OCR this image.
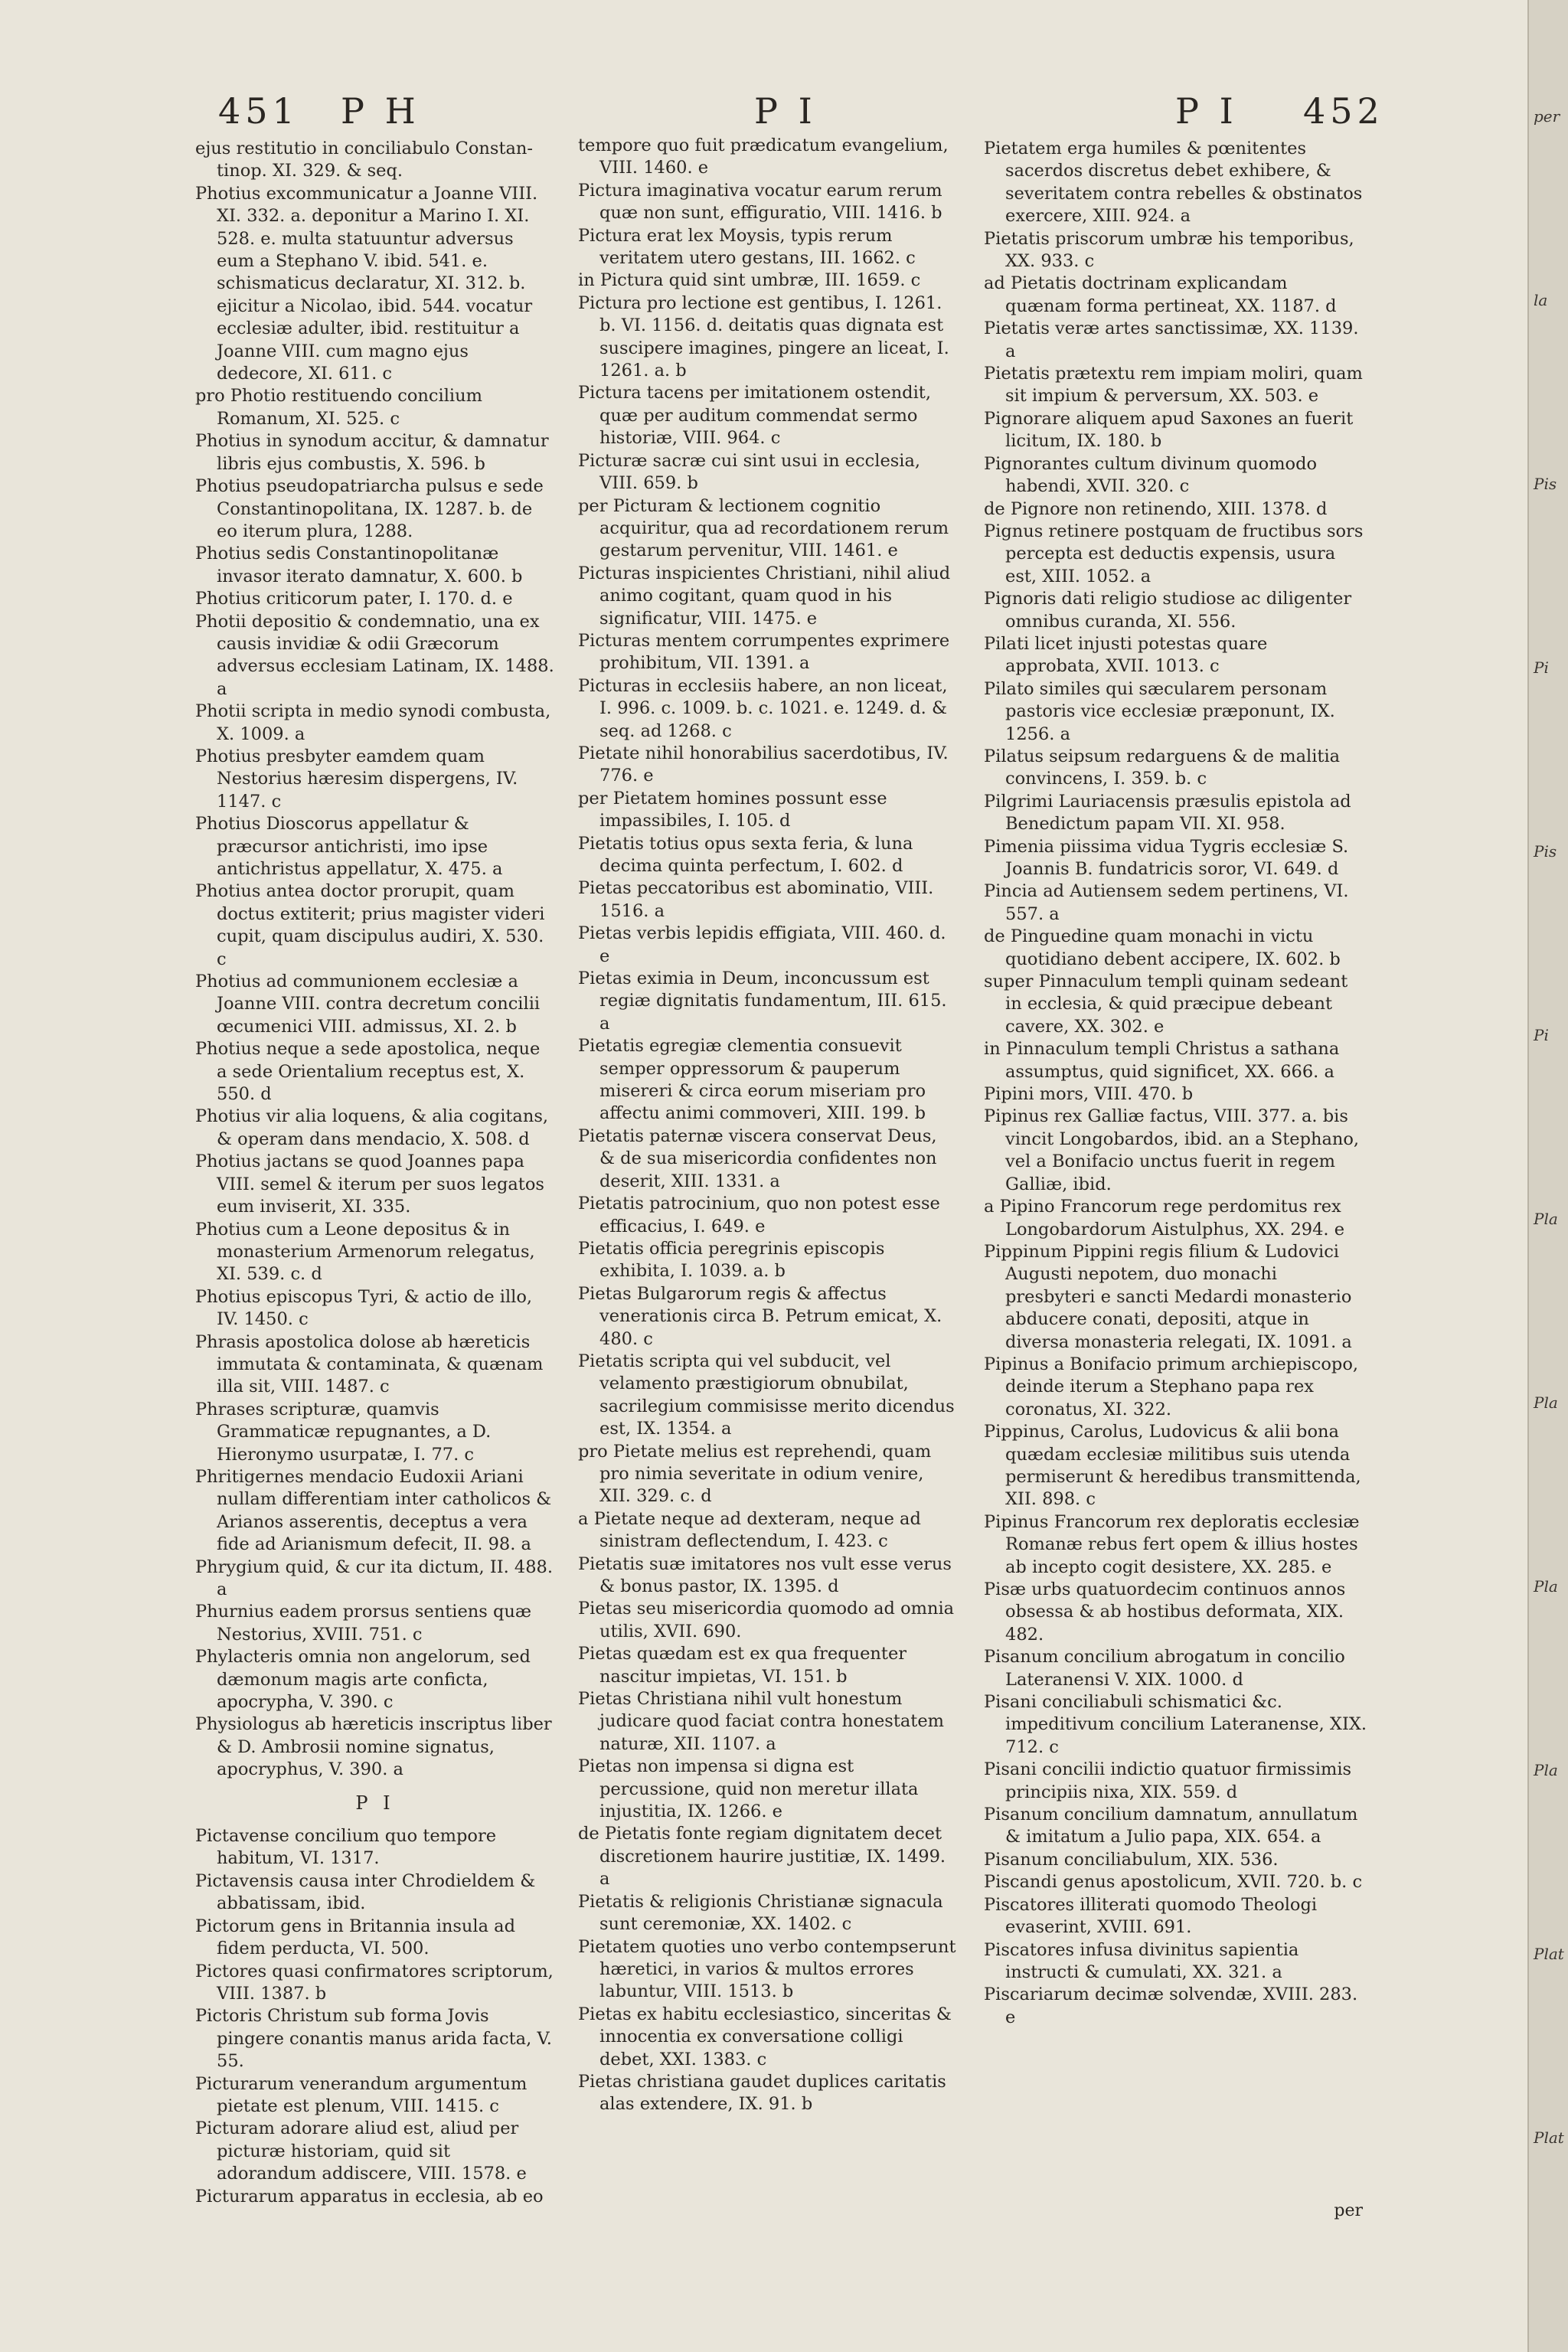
451 P H	P I	P I 452

ejus restitutio in conciliabulo Constan-tinop. XI. 329. & seq.

Photius excommunicatur a Joanne VIII. XI. 332. a. deponitur a Marino I. XI. 528. e. multa statuuntur adversus eum a Stephano V. ibid. 541. e. schismaticus declaratur, XI. 312. b. ejicitur a Nicolao, ibid. 544. vocatur ecclesiæ adulter, ibid. restituitur a Joanne VIII. cum magno ejus dedecore, XI. 611. c

pro Photio restituendo concilium Romanum, XI. 525. c

Photius in synodum accitur, & damnatur libris ejus combustis, X. 596. b

Photius pseudopatriarcha pulsus e sede Constantinopolitana, IX. 1287. b. de eo iterum plura, 1288.

Photius sedis Constantinopolitanæ invasor iterato damnatur, X. 600. b

Photius criticorum pater, I. 170. d. e

Photii depositio & condemnatio, una ex causis invidiæ & odii Græcorum adversus ecclesiam Latinam, IX. 1488. a

Photii scripta in medio synodi combusta, X. 1009. a

Photius presbyter eamdem quam Nestorius hæresim dispergens, IV. 1147. c

Photius Dioscorus appellatur & præcursor antichristi, imo ipse antichristus appellatur, X. 475. a

Photius antea doctor prorupit, quam doctus extiterit; prius magister videri cupit, quam discipulus audiri, X. 530. c

Photius ad communionem ecclesiæ a Joanne VIII. contra decretum concilii œcumenici VIII. admissus, XI. 2. b

Photius neque a sede apostolica, neque a sede Orientalium receptus est, X. 550. d

Photius vir alia loquens, & alia cogitans, & operam dans mendacio, X. 508. d

Photius jactans se quod Joannes papa VIII. semel & iterum per suos legatos eum inviserit, XI. 335.

Photius cum a Leone depositus & in monasterium Armenorum relegatus, XI. 539. c. d

Photius episcopus Tyri, & actio de illo, IV. 1450. c

Phrasis apostolica dolose ab hæreticis immutata & contaminata, & quænam illa sit, VIII. 1487. c

Phrases scripturæ, quamvis Grammaticæ repugnantes, a D. Hieronymo usurpatæ, I. 77. c

Phritigernes mendacio Eudoxii Ariani nullam differentiam inter catholicos & Arianos asserentis, deceptus a vera fide ad Arianismum defecit, II. 98. a

Phrygium quid, & cur ita dictum, II. 488. a

Phurnius eadem prorsus sentiens quæ Nestorius, XVIII. 751. c

Phylacteris omnia non angelorum, sed dæmonum magis arte conficta, apocrypha, V. 390. c

Physiologus ab hæreticis inscriptus liber & D. Ambrosii nomine signatus, apocryphus, V. 390. a

P I

Pictavense concilium quo tempore habitum, VI. 1317.

Pictavensis causa inter Chrodieldem & abbatissam, ibid.

Pictorum gens in Britannia insula ad fidem perducta, VI. 500.

Pictores quasi confirmatores scriptorum, VIII. 1387. b

Pictoris Christum sub forma Jovis pingere conantis manus arida facta, V. 55.

Picturarum venerandum argumentum pietate est plenum, VIII. 1415. c

Picturam adorare aliud est, aliud per picturæ historiam, quid sit adorandum addiscere, VIII. 1578. e

Picturarum apparatus in ecclesia, ab eo

tempore quo fuit prædicatum evangelium, VIII. 1460. e

Pictura imaginativa vocatur earum rerum quæ non sunt, effiguratio, VIII. 1416. b

Pictura erat lex Moysis, typis rerum veritatem utero gestans, III. 1662. c

in Pictura quid sint umbræ, III. 1659. c

Pictura pro lectione est gentibus, I. 1261. b. VI. 1156. d. deitatis quas dignata est suscipere imagines, pingere an liceat, I. 1261. a. b

Pictura tacens per imitationem ostendit, quæ per auditum commendat sermo historiæ, VIII. 964. c

Picturæ sacræ cui sint usui in ecclesia, VIII. 659. b

per Picturam & lectionem cognitio acquiritur, qua ad recordationem rerum gestarum pervenitur, VIII. 1461. e

Picturas inspicientes Christiani, nihil aliud animo cogitant, quam quod in his significatur, VIII. 1475. e

Picturas mentem corrumpentes exprimere prohibitum, VII. 1391. a

Picturas in ecclesiis habere, an non liceat, I. 996. c. 1009. b. c. 1021. e. 1249. d. & seq. ad 1268. c

Pietate nihil honorabilius sacerdotibus, IV. 776. e

per Pietatem homines possunt esse impassibiles, I. 105. d

Pietatis totius opus sexta feria, & luna decima quinta perfectum, I. 602. d

Pietas peccatoribus est abominatio, VIII. 1516. a

Pietas verbis lepidis effigiata, VIII. 460. d. e

Pietas eximia in Deum, inconcussum est regiæ dignitatis fundamentum, III. 615. a

Pietatis egregiæ clementia consuevit semper oppressorum & pauperum misereri & circa eorum miseriam pro affectu animi commoveri, XIII. 199. b

Pietatis paternæ viscera conservat Deus, & de sua misericordia confidentes non deserit, XIII. 1331. a

Pietatis patrocinium, quo non potest esse efficacius, I. 649. e

Pietatis officia peregrinis episcopis exhibita, I. 1039. a. b

Pietas Bulgarorum regis & affectus venerationis circa B. Petrum emicat, X. 480. c

Pietatis scripta qui vel subducit, vel velamento præstigiorum obnubilat, sacrilegium commisisse merito dicendus est, IX. 1354. a

pro Pietate melius est reprehendi, quam pro nimia severitate in odium venire, XII. 329. c. d

a Pietate neque ad dexteram, neque ad sinistram deflectendum, I. 423. c

Pietatis suæ imitatores nos vult esse verus & bonus pastor, IX. 1395. d

Pietas seu misericordia quomodo ad omnia utilis, XVII. 690.

Pietas quædam est ex qua frequenter nascitur impietas, VI. 151. b

Pietas Christiana nihil vult honestum judicare quod faciat contra honestatem naturæ, XII. 1107. a

Pietas non impensa si digna est percussione, quid non meretur illata injustitia, IX. 1266. e

de Pietatis fonte regiam dignitatem decet discretionem haurire justitiæ, IX. 1499. a

Pietatis & religionis Christianæ signacula sunt ceremoniæ, XX. 1402. c

Pietatem quoties uno verbo contempserunt hæretici, in varios & multos errores labuntur, VIII. 1513. b

Pietas ex habitu ecclesiastico, sinceritas & innocentia ex conversatione colligi debet, XXI. 1383. c

Pietas christiana gaudet duplices caritatis alas extendere, IX. 91. b

Pietatem erga humiles & pœnitentes sacerdos discretus debet exhibere, & severitatem contra rebelles & obstinatos exercere, XIII. 924. a

Pietatis priscorum umbræ his temporibus, XX. 933. c

ad Pietatis doctrinam explicandam quænam forma pertineat, XX. 1187. d

Pietatis veræ artes sanctissimæ, XX. 1139. a

Pietatis prætextu rem impiam moliri, quam sit impium & perversum, XX. 503. e

Pignorare aliquem apud Saxones an fuerit licitum, IX. 180. b

Pignorantes cultum divinum quomodo habendi, XVII. 320. c

de Pignore non retinendo, XIII. 1378. d

Pignus retinere postquam de fructibus sors percepta est deductis expensis, usura est, XIII. 1052. a

Pignoris dati religio studiose ac diligenter omnibus curanda, XI. 556.

Pilati licet injusti potestas quare approbata, XVII. 1013. c

Pilato similes qui sæcularem personam pastoris vice ecclesiæ præponunt, IX. 1256. a

Pilatus seipsum redarguens & de malitia convincens, I. 359. b. c

Pilgrimi Lauriacensis præsulis epistola ad Benedictum papam VII. XI. 958.

Pimenia piissima vidua Tygris ecclesiæ S. Joannis B. fundatricis soror, VI. 649. d

Pincia ad Autiensem sedem pertinens, VI. 557. a

de Pinguedine quam monachi in victu quotidiano debent accipere, IX. 602. b

super Pinnaculum templi quinam sedeant in ecclesia, & quid præcipue debeant cavere, XX. 302. e

in Pinnaculum templi Christus a sathana assumptus, quid significet, XX. 666. a

Pipini mors, VIII. 470. b

Pipinus rex Galliæ factus, VIII. 377. a. bis vincit Longobardos, ibid. an a Stephano, vel a Bonifacio unctus fuerit in regem Galliæ, ibid.

a Pipino Francorum rege perdomitus rex Longobardorum Aistulphus, XX. 294. e

Pippinum Pippini regis filium & Ludovici Augusti nepotem, duo monachi presbyteri e sancti Medardi monasterio abducere conati, depositi, atque in diversa monasteria relegati, IX. 1091. a

Pipinus a Bonifacio primum archiepiscopo, deinde iterum a Stephano papa rex coronatus, XI. 322.

Pippinus, Carolus, Ludovicus & alii bona quædam ecclesiæ militibus suis utenda permiserunt & heredibus transmittenda, XII. 898. c

Pipinus Francorum rex deploratis ecclesiæ Romanæ rebus fert opem & illius hostes ab incepto cogit desistere, XX. 285. e

Pisæ urbs quatuordecim continuos annos obsessa & ab hostibus deformata, XIX. 482.

Pisanum concilium abrogatum in concilio Lateranensi V. XIX. 1000. d

Pisani conciliabuli schismatici &c. impeditivum concilium Lateranense, XIX. 712. c

Pisani concilii indictio quatuor firmissimis principiis nixa, XIX. 559. d

Pisanum concilium damnatum, annullatum & imitatum a Julio papa, XIX. 654. a

Pisanum conciliabulum, XIX. 536.

Piscandi genus apostolicum, XVII. 720. b. c

Piscatores illiterati quomodo Theologi evaserint, XVIII. 691.

Piscatores infusa divinitus sapientia instructi & cumulati, XX. 321. a

Piscariarum decimæ solvendæ, XVIII. 283. e

per
per
la
Pis
Pi
Pis
Pi
Pla
Pla
Pla
Pla
Plat
Plat
